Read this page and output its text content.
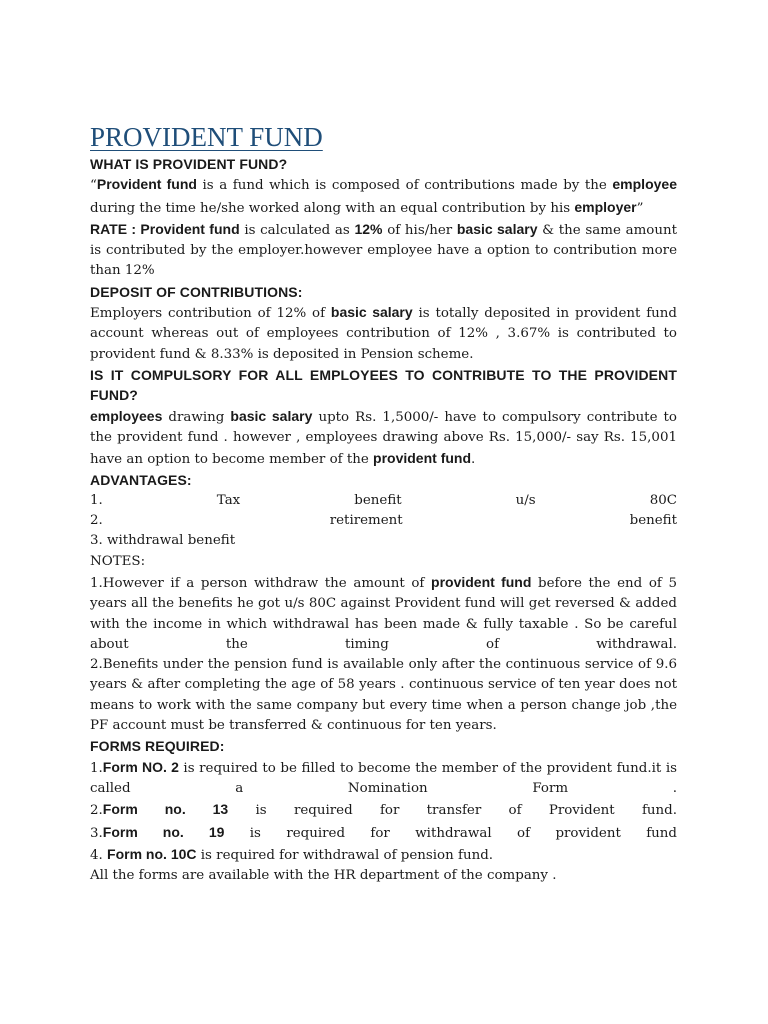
PROVIDENT FUND

WHAT IS PROVIDENT FUND?

“Provident fund is a fund which is composed of contributions made by the employee during the time he/she worked along with an equal contribution by his employer”

RATE : Provident fund is calculated as 12% of his/her basic salary & the same amount is contributed by the employer.however employee have a option to contribution more than 12%

DEPOSIT OF CONTRIBUTIONS:

Employers contribution of 12% of basic salary is totally deposited in provident fund account whereas out of employees contribution of 12% , 3.67% is contributed to provident fund & 8.33% is deposited in Pension scheme.

IS IT COMPULSORY FOR ALL EMPLOYEES TO CONTRIBUTE TO THE PROVIDENT FUND?

employees drawing basic salary upto Rs. 1,5000/- have to compulsory contribute to the provident fund . however , employees drawing above Rs. 15,000/- say Rs. 15,001 have an option to become member of the provident fund.

ADVANTAGES:

1. Tax benefit u/s 80C

2. retirement benefit

3. withdrawal benefit

NOTES:

1.However if a person withdraw the amount of provident fund before the end of 5 years all the benefits he got u/s 80C against Provident fund will get reversed & added with the income in which withdrawal has been made & fully taxable . So be careful about the timing of withdrawal.

2.Benefits under the pension fund is available only after the continuous service of 9.6 years & after completing the age of 58 years . continuous service of ten year does not means to work with the same company but every time when a person change job ,the PF account must be transferred & continuous for ten years.

FORMS REQUIRED:

1.Form NO. 2 is required to be filled to become the member of the provident fund.it is called a Nomination Form .

2.Form no. 13 is required for transfer of Provident fund.

3.Form no. 19 is required for withdrawal of provident fund

4. Form no. 10C is required for withdrawal of pension fund.

All the forms are available with the HR department of the company .
